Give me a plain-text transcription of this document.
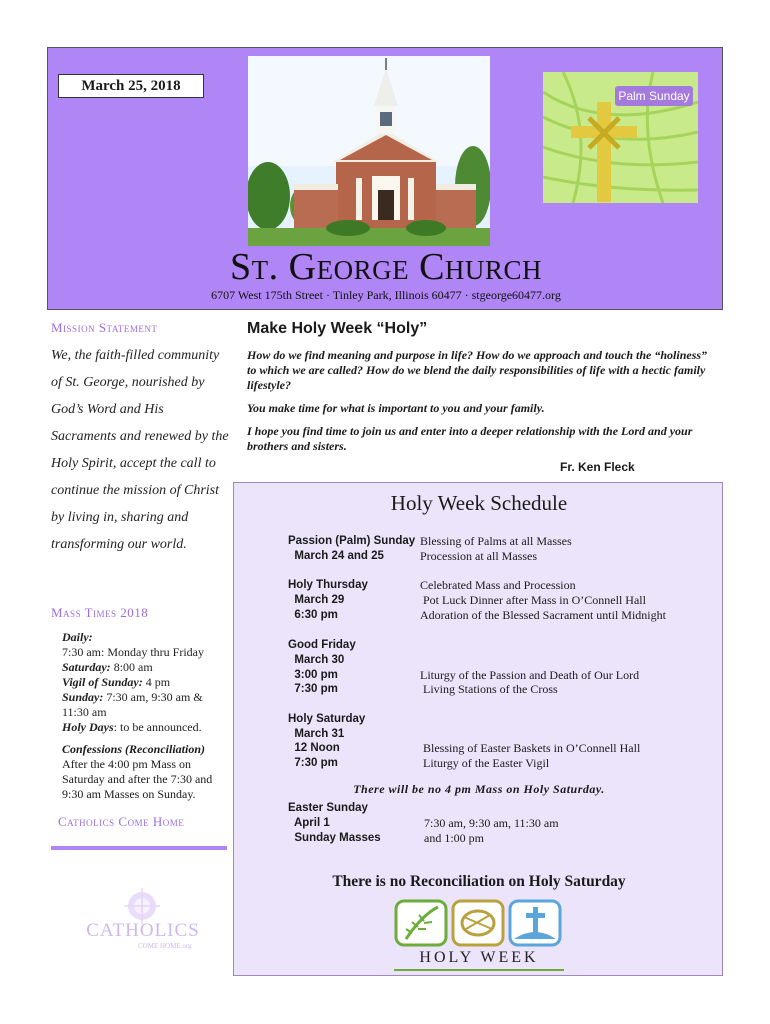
March 25, 2018
Palm Sunday
St. George Church
6707 West 175th Street · Tinley Park, Illinois 60477 · stgeorge60477.org
Mission Statement
We, the faith-filled community of St. George, nourished by God’s Word and His Sacraments and renewed by the Holy Spirit, accept the call to continue the mission of Christ by living in, sharing and transforming our world.
Mass Times 2018
Daily:
7:30 am: Monday thru Friday
Saturday: 8:00 am
Vigil of Sunday: 4 pm
Sunday: 7:30 am, 9:30 am & 11:30 am
Holy Days: to be announced.
Confessions (Reconciliation)
After the 4:00 pm Mass on Saturday and after the 7:30 and 9:30 am Masses on Sunday.
Catholics Come Home
CATHOLICS
COME HOME.org
Make Holy Week “Holy”

How do we find meaning and purpose in life? How do we approach and touch the “holiness” to which we are called? How do we blend the daily responsibilities of life with a hectic family lifestyle?

You make time for what is important to you and your family.

I hope you find time to join us and enter into a deeper relationship with the Lord and your brothers and sisters.

Fr. Ken Fleck
Holy Week Schedule
Passion (Palm) Sunday Blessing of Palms at all Masses
March 24 and 25	Procession at all Masses
Holy Thursday	Celebrated Mass and Procession
March 29	Pot Luck Dinner after Mass in O’Connell Hall
6:30 pm	Adoration of the Blessed Sacrament until Midnight
Good Friday
March 30
3:00 pm	Liturgy of the Passion and Death of Our Lord
7:30 pm	Living Stations of the Cross
Holy Saturday
March 31
12 Noon	Blessing of Easter Baskets in O’Connell Hall
7:30 pm	Liturgy of the Easter Vigil
There will be no 4 pm Mass on Holy Saturday.
Easter Sunday
April 1	7:30 am, 9:30 am, 11:30 am
Sunday Masses	and 1:00 pm
There is no Reconciliation on Holy Saturday
HOLY WEEK
